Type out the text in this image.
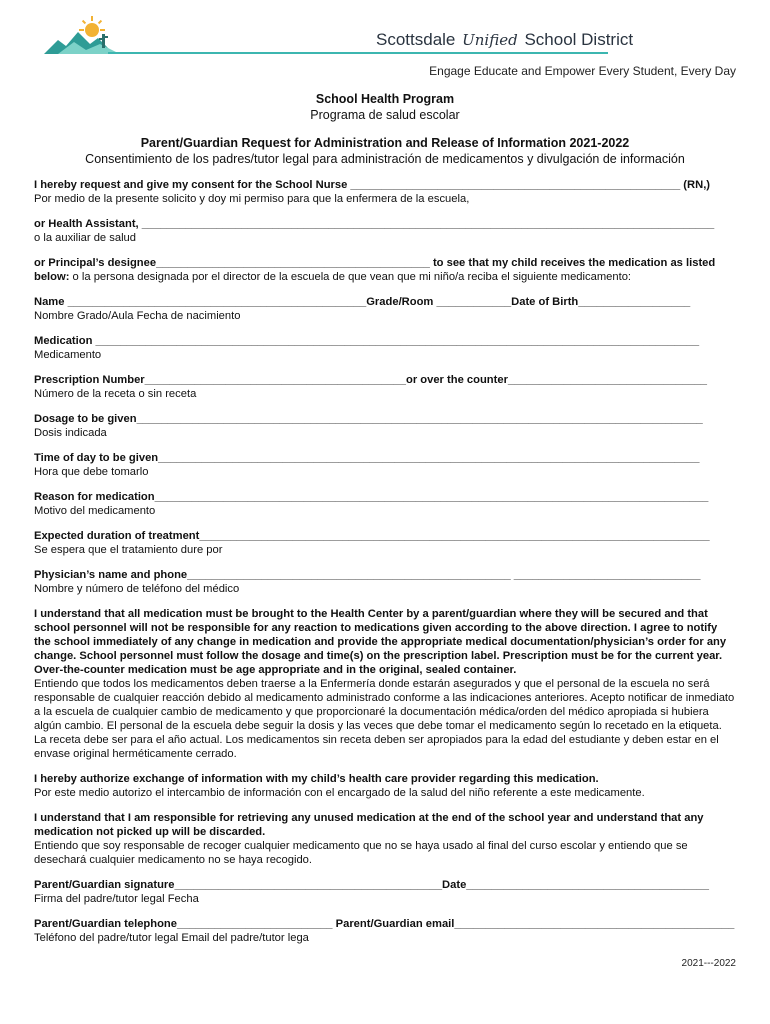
Scottsdale Unified School District
Engage Educate and Empower Every Student, Every Day
School Health Program
Programa de salud escolar
Parent/Guardian Request for Administration and Release of Information 2021-2022
Consentimiento de los padres/tutor legal para administración de medicamentos y divulgación de información
I hereby request and give my consent for the School Nurse _____________________________________________________ (RN,)
Por medio de la presente solicito y doy mi permiso para que la enfermera de la escuela,
or Health Assistant, ____________________________________________________________________________________________
o la auxiliar de salud
or Principal’s designee____________________________________________ to see that my child receives the medication as listed below: o la persona designada por el director de la escuela de que vean que mi niño/a reciba el siguiente medicamento:
Name ________________________________________________Grade/Room ____________Date of Birth__________________
Nombre Grado/Aula Fecha de nacimiento
Medication _________________________________________________________________________________________________
Medicamento
Prescription Number__________________________________________or over the counter________________________________
Número de la receta o sin receta
Dosage to be given___________________________________________________________________________________________
Dosis indicada
Time of day to be given_______________________________________________________________________________________
Hora que debe tomarlo
Reason for medication_________________________________________________________________________________________
Motivo del medicamento
Expected duration of treatment__________________________________________________________________________________
Se espera que el tratamiento dure por
Physician’s name and phone____________________________________________________ ______________________________
Nombre y número de teléfono del médico
I understand that all medication must be brought to the Health Center by a parent/guardian where they will be secured and that school personnel will not be responsible for any reaction to medications given according to the above direction. I agree to notify the school immediately of any change in medication and provide the appropriate medical documentation/physician’s order for any change. School personnel must follow the dosage and time(s) on the prescription label. Prescription must be for the current year. Over-the-counter medication must be age appropriate and in the original, sealed container.
Entiendo que todos los medicamentos deben traerse a la Enfermería donde estarán asegurados y que el personal de la escuela no será responsable de cualquier reacción debido al medicamento administrado conforme a las indicaciones anteriores. Acepto notificar de inmediato a la escuela de cualquier cambio de medicamento y que proporcionaré la documentación médica/orden del médico apropiada si hubiera algún cambio. El personal de la escuela debe seguir la dosis y las veces que debe tomar el medicamento según lo recetado en la etiqueta. La receta debe ser para el año actual. Los medicamentos sin receta deben ser apropiados para la edad del estudiante y deben estar en el envase original herméticamente cerrado.
I hereby authorize exchange of information with my child’s health care provider regarding this medication.
Por este medio autorizo el intercambio de información con el encargado de la salud del niño referente a este medicamente.
I understand that I am responsible for retrieving any unused medication at the end of the school year and understand that any medication not picked up will be discarded.
Entiendo que soy responsable de recoger cualquier medicamento que no se haya usado al final del curso escolar y entiendo que se desechará cualquier medicamento no se haya recogido.
Parent/Guardian signature___________________________________________Date_______________________________________
Firma del padre/tutor legal Fecha
Parent/Guardian telephone_________________________ Parent/Guardian email_____________________________________________
Teléfono del padre/tutor legal Email del padre/tutor lega
2021---2022
